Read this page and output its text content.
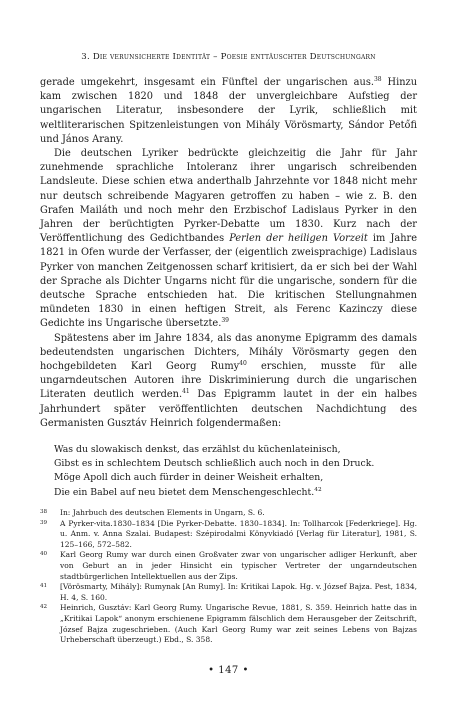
3. Die verunsicherte Identität – Poesie enttäuschter Deutschungarn

gerade umgekehrt, insgesamt ein Fünftel der ungarischen aus.$^{38}$ Hinzu kam zwischen 1820 und 1848 der unvergleichbare Aufstieg der ungarischen Literatur, insbesondere der Lyrik, schließlich mit weltliterarischen Spitzenleistungen von Mihály Vörösmarty, Sándor Petőfi und János Arany.

Die deutschen Lyriker bedrückte gleichzeitig die Jahr für Jahr zunehmende sprachliche Intoleranz ihrer ungarisch schreibenden Landsleute. Diese schien etwa anderthalb Jahrzehnte vor 1848 nicht mehr nur deutsch schreibende Magyaren getroffen zu haben – wie z. B. den Grafen Mailáth und noch mehr den Erzbischof Ladislaus Pyrker in den Jahren der berüchtigten Pyrker-Debatte um 1830. Kurz nach der Veröffentlichung des Gedichtbandes Perlen der heiligen Vorzeit im Jahre 1821 in Ofen wurde der Verfasser, der (eigentlich zweisprachige) Ladislaus Pyrker von manchen Zeitgenossen scharf kritisiert, da er sich bei der Wahl der Sprache als Dichter Ungarns nicht für die ungarische, sondern für die deutsche Sprache entschieden hat. Die kritischen Stellungnahmen mündeten 1830 in einen heftigen Streit, als Ferenc Kazinczy diese Gedichte ins Ungarische übersetzte.$^{39}$

Spätestens aber im Jahre 1834, als das anonyme Epigramm des damals bedeutendsten ungarischen Dichters, Mihály Vörösmarty gegen den hochgebildeten Karl Georg Rumy$^{40}$ erschien, musste für alle ungarndeutschen Autoren ihre Diskriminierung durch die ungarischen Literaten deutlich werden.$^{41}$ Das Epigramm lautet in der ein halbes Jahrhundert später veröffentlichten deutschen Nachdichtung des Germanisten Gusztáv Heinrich folgendermaßen:

Was du slowakisch denkst, das erzählst du küchenlateinisch,
Gibst es in schlechtem Deutsch schließlich auch noch in den Druck.
Möge Apoll dich auch fürder in deiner Weisheit erhalten,
Die ein Babel auf neu bietet dem Menschengeschlecht.$^{42}$
38 In: Jahrbuch des deutschen Elements in Ungarn, S. 6.
39 A Pyrker-vita.1830–1834 [Die Pyrker-Debatte. 1830–1834]. In: Tollharcok [Federkriege]. Hg. u. Anm. v. Anna Szalai. Budapest: Szépirodalmi Könyvkiadó [Verlag für Literatur], 1981, S. 125–166, 572–582.
40 Karl Georg Rumy war durch einen Großvater zwar von ungarischer adliger Herkunft, aber von Geburt an in jeder Hinsicht ein typischer Vertreter der ungarndeutschen stadtbürgerlichen Intellektuellen aus der Zips.
41 [Vörösmarty, Mihály]: Rumynak [An Rumy]. In: Kritikai Lapok. Hg. v. József Bajza. Pest, 1834, H. 4, S. 160.
42 Heinrich, Gusztáv: Karl Georg Rumy. Ungarische Revue, 1881, S. 359. Heinrich hatte das in „Kritikai Lapok“ anonym erschienene Epigramm fälschlich dem Herausgeber der Zeitschrift, József Bajza zugeschrieben. (Auch Karl Georg Rumy war zeit seines Lebens von Bajzas Urheberschaft überzeugt.) Ebd., S. 358.
• 147 •
